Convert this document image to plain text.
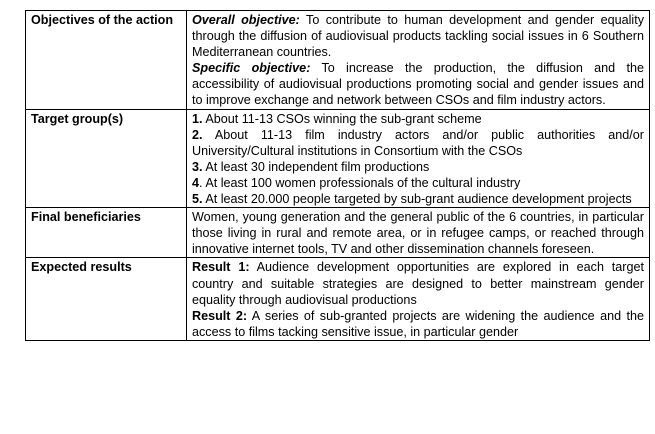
Objectives of the action	Overall objective: To contribute to human development and gender equality through the diffusion of audiovisual products tackling social issues in 6 Southern Mediterranean countries.

Specific objective: To increase the production, the diffusion and the accessibility of audiovisual productions promoting social and gender issues and to improve exchange and network between CSOs and film industry actors.

Target group(s)	1. About 11-13 CSOs winning the sub-grant scheme

2. About 11-13 film industry actors and/or public authorities and/or University/Cultural institutions in Consortium with the CSOs

3. At least 30 independent film productions

4. At least 100 women professionals of the cultural industry

5. At least 20.000 people targeted by sub-grant audience development projects

Final beneficiaries	Women, young generation and the general public of the 6 countries, in particular those living in rural and remote area, or in refugee camps, or reached through innovative internet tools, TV and other dissemination channels foreseen.

Expected results	Result 1: Audience development opportunities are explored in each target country and suitable strategies are designed to better mainstream gender equality through audiovisual productions

Result 2: A series of sub-granted projects are widening the audience and the access to films tacking sensitive issue, in particular gender
